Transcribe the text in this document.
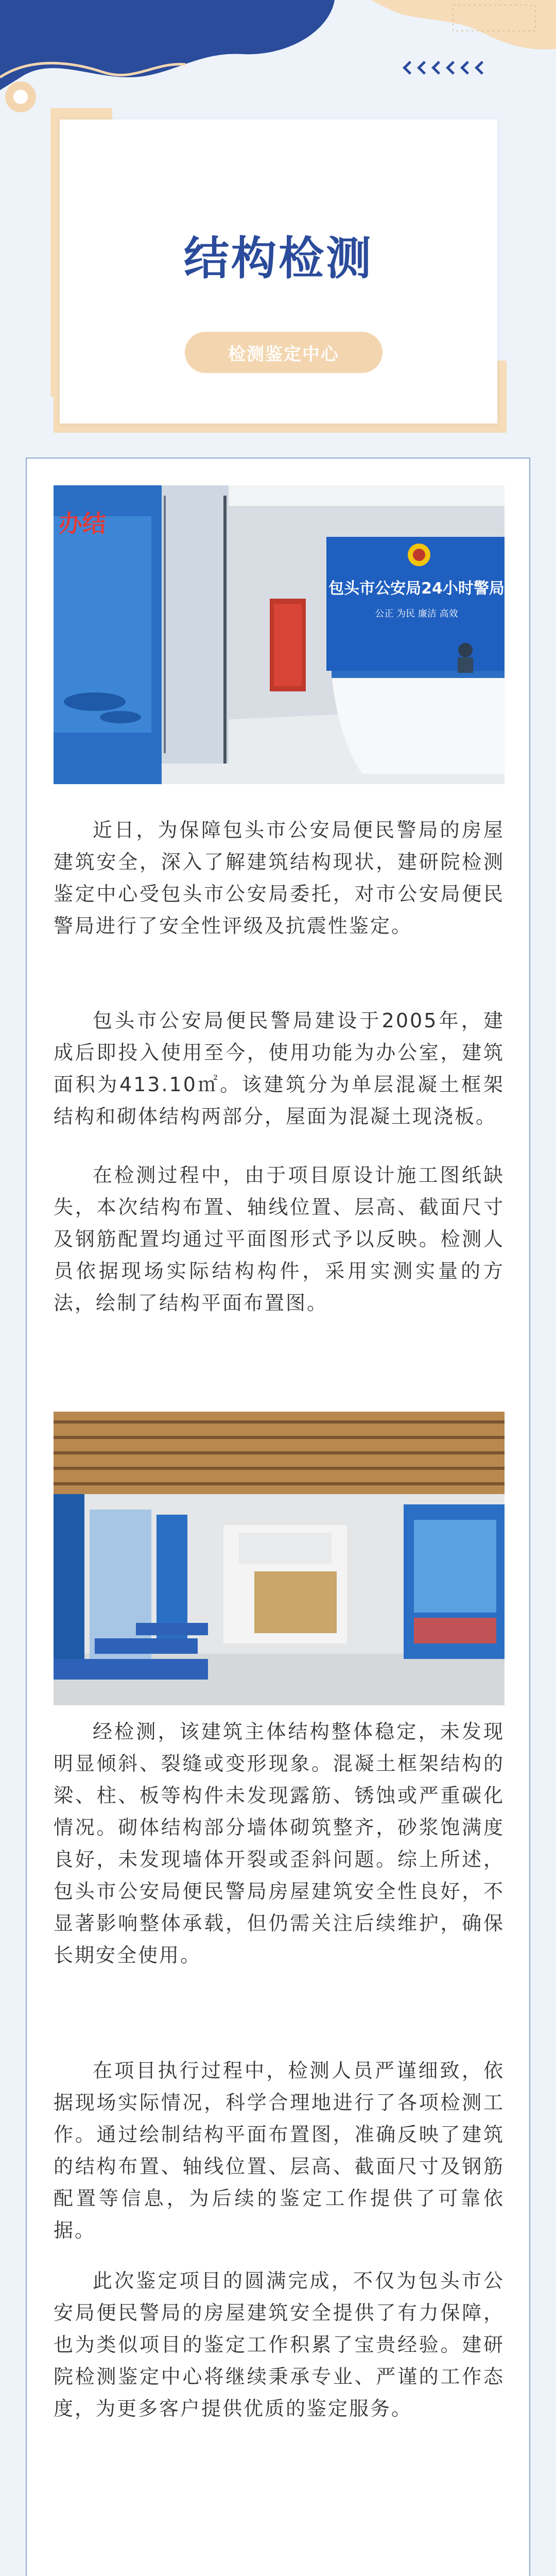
结构检测
检测鉴定中心
包头市公安局24小时警局
公正 为民 廉洁 高效
办结

近日，为保障包头市公安局便民警局的房屋建筑安全，深入了解建筑结构现状，建研院检测鉴定中心受包头市公安局委托，对市公安局便民警局进行了安全性评级及抗震性鉴定。

包头市公安局便民警局建设于2005年，建成后即投入使用至今，使用功能为办公室，建筑面积为413.10㎡。该建筑分为单层混凝土框架结构和砌体结构两部分，屋面为混凝土现浇板。

在检测过程中，由于项目原设计施工图纸缺失，本次结构布置、轴线位置、层高、截面尺寸及钢筋配置均通过平面图形式予以反映。检测人员依据现场实际结构构件，采用实测实量的方法，绘制了结构平面布置图。

经检测，该建筑主体结构整体稳定，未发现明显倾斜、裂缝或变形现象。混凝土框架结构的梁、柱、板等构件未发现露筋、锈蚀或严重碳化情况。砌体结构部分墙体砌筑整齐，砂浆饱满度良好，未发现墙体开裂或歪斜问题。综上所述，包头市公安局便民警局房屋建筑安全性良好，不显著影响整体承载，但仍需关注后续维护，确保长期安全使用。

在项目执行过程中，检测人员严谨细致，依据现场实际情况，科学合理地进行了各项检测工作。通过绘制结构平面布置图，准确反映了建筑的结构布置、轴线位置、层高、截面尺寸及钢筋配置等信息，为后续的鉴定工作提供了可靠依据。

此次鉴定项目的圆满完成，不仅为包头市公安局便民警局的房屋建筑安全提供了有力保障，也为类似项目的鉴定工作积累了宝贵经验。建研院检测鉴定中心将继续秉承专业、严谨的工作态度，为更多客户提供优质的鉴定服务。
